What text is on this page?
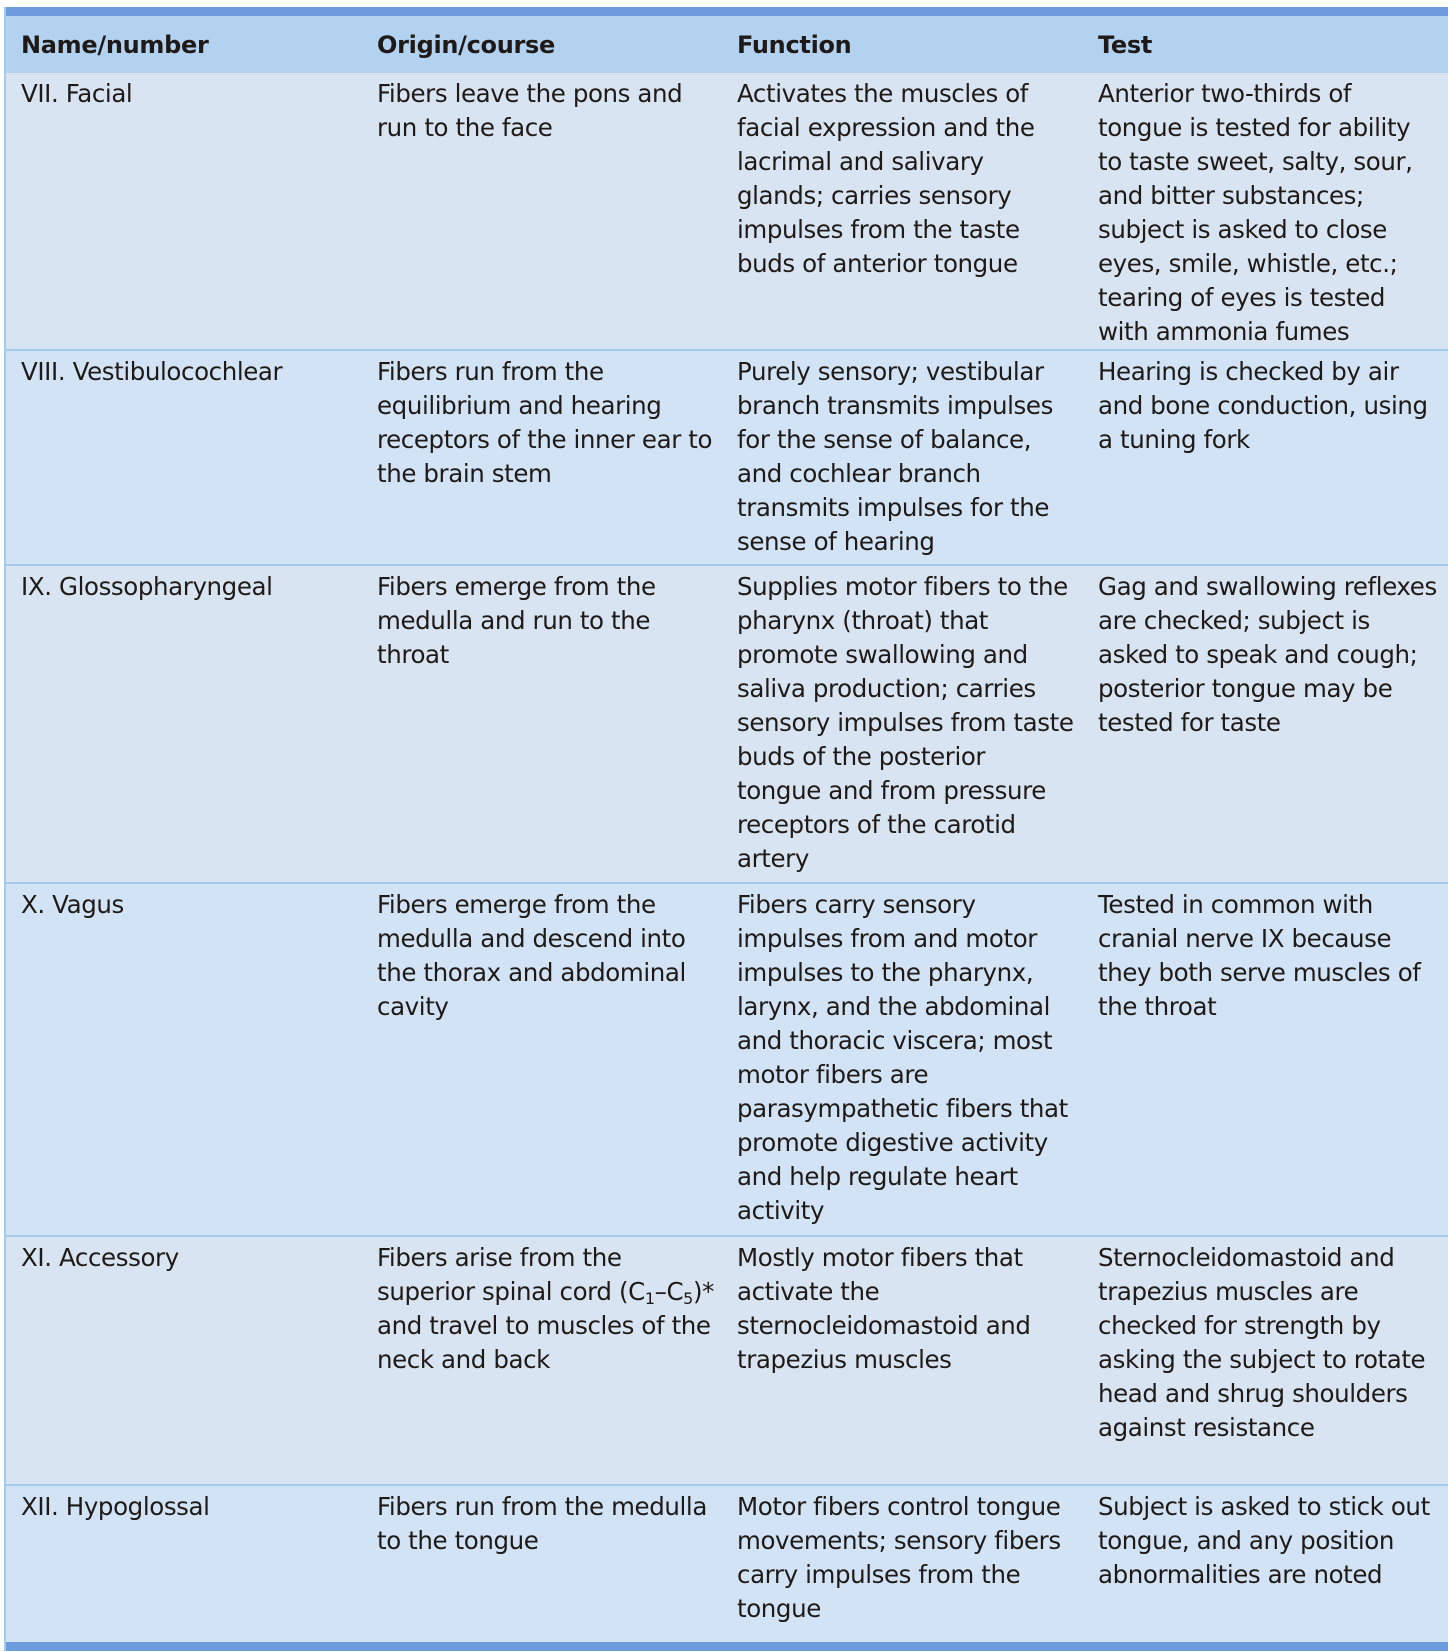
Name/number	Origin/course	Function	Test
VII. Facial	Fibers leave the pons and run to the face	Activates the muscles of facial expression and the lacrimal and salivary glands; carries sensory impulses from the taste buds of anterior tongue	Anterior two-thirds of tongue is tested for ability to taste sweet, salty, sour, and bitter substances; subject is asked to close eyes, smile, whistle, etc.; tearing of eyes is tested with ammonia fumes
VIII. Vestibulocochlear	Fibers run from the equilibrium and hearing receptors of the inner ear to the brain stem	Purely sensory; vestibular branch transmits impulses for the sense of balance, and cochlear branch transmits impulses for the sense of hearing	Hearing is checked by air and bone conduction, using a tuning fork
IX. Glossopharyngeal	Fibers emerge from the medulla and run to the throat	Supplies motor fibers to the pharynx (throat) that promote swallowing and saliva production; carries sensory impulses from taste buds of the posterior tongue and from pressure receptors of the carotid artery	Gag and swallowing reflexes are checked; subject is asked to speak and cough; posterior tongue may be tested for taste
X. Vagus	Fibers emerge from the medulla and descend into the thorax and abdominal cavity	Fibers carry sensory impulses from and motor impulses to the pharynx, larynx, and the abdominal and thoracic viscera; most motor fibers are parasympathetic fibers that promote digestive activity and help regulate heart activity	Tested in common with cranial nerve IX because they both serve muscles of the throat
XI. Accessory	Fibers arise from the superior spinal cord $(C_1-C_5)*$ and travel to muscles of the neck and back	Mostly motor fibers that activate the sternocleidomastoid and trapezius muscles	Sternocleidomastoid and trapezius muscles are checked for strength by asking the subject to rotate head and shrug shoulders against resistance
XII. Hypoglossal	Fibers run from the medulla to the tongue	Motor fibers control tongue movements; sensory fibers carry impulses from the tongue	Subject is asked to stick out tongue, and any position abnormalities are noted
